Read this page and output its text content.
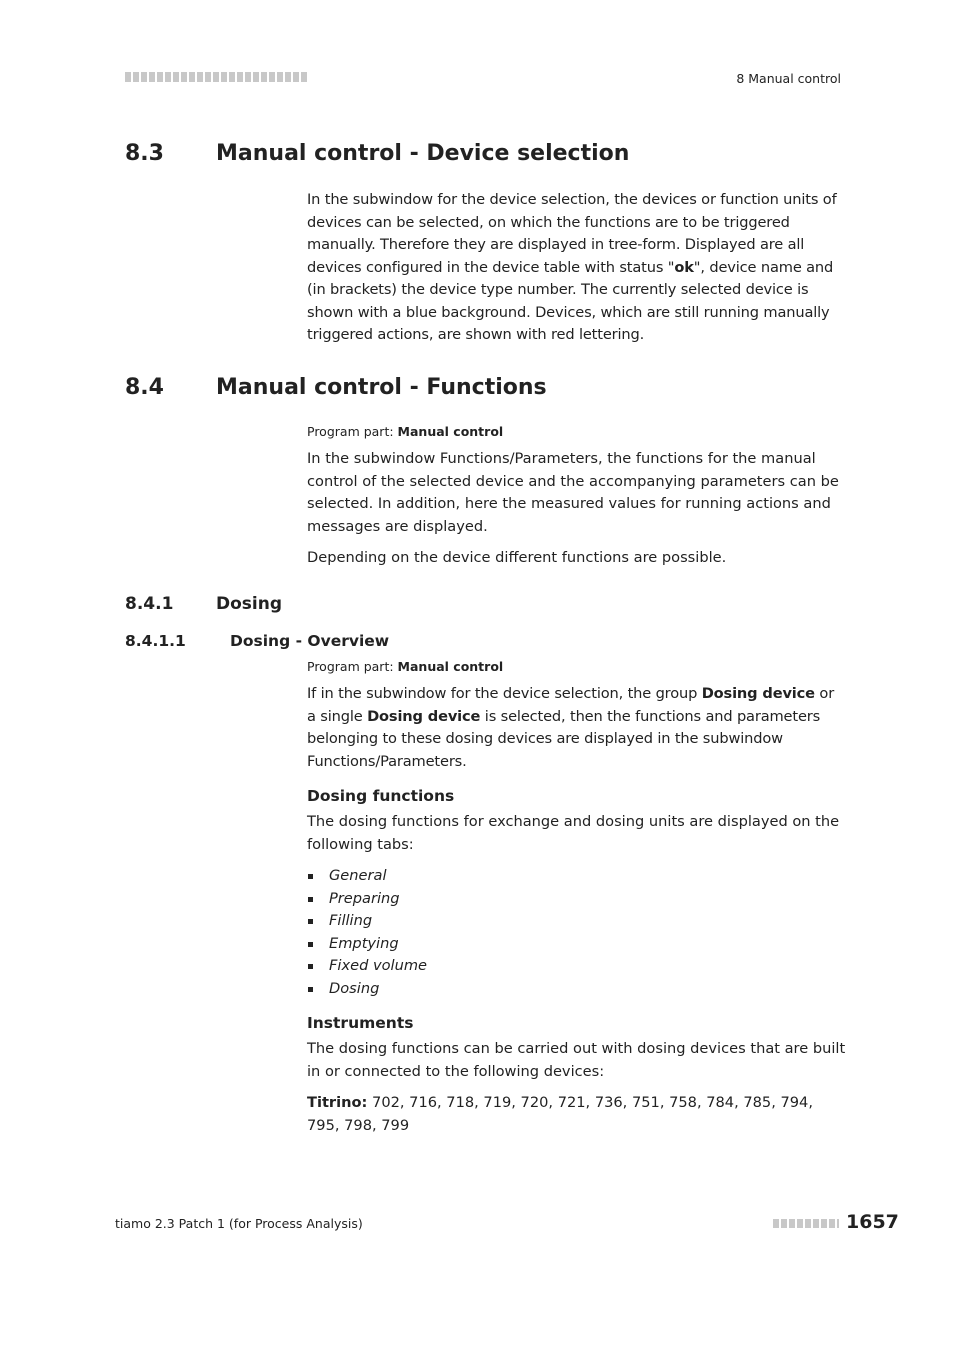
8 Manual control
8.3 Manual control - Device selection

In the subwindow for the device selection, the devices or function units of devices can be selected, on which the functions are to be triggered manually. Therefore they are displayed in tree-form. Displayed are all devices configured in the device table with status "ok", device name and (in brackets) the device type number. The currently selected device is shown with a blue background. Devices, which are still running manually triggered actions, are shown with red lettering.

8.4 Manual control - Functions
Program part: Manual control

In the subwindow Functions/Parameters, the functions for the manual control of the selected device and the accompanying parameters can be selected. In addition, here the measured values for running actions and messages are displayed.

Depending on the device different functions are possible.

8.4.1	Dosing
8.4.1.1	Dosing - Overview
Program part: Manual control

If in the subwindow for the device selection, the group Dosing device or a single Dosing device is selected, then the functions and parameters belonging to these dosing devices are displayed in the subwindow Functions/Parameters.

Dosing functions

The dosing functions for exchange and dosing units are displayed on the following tabs:

General
Preparing
Filling
Emptying
Fixed volume
Dosing
Instruments

The dosing functions can be carried out with dosing devices that are built in or connected to the following devices:

Titrino: 702, 716, 718, 719, 720, 721, 736, 751, 758, 784, 785, 794, 795, 798, 799

tiamo 2.3 Patch 1 (for Process Analysis)	1657
